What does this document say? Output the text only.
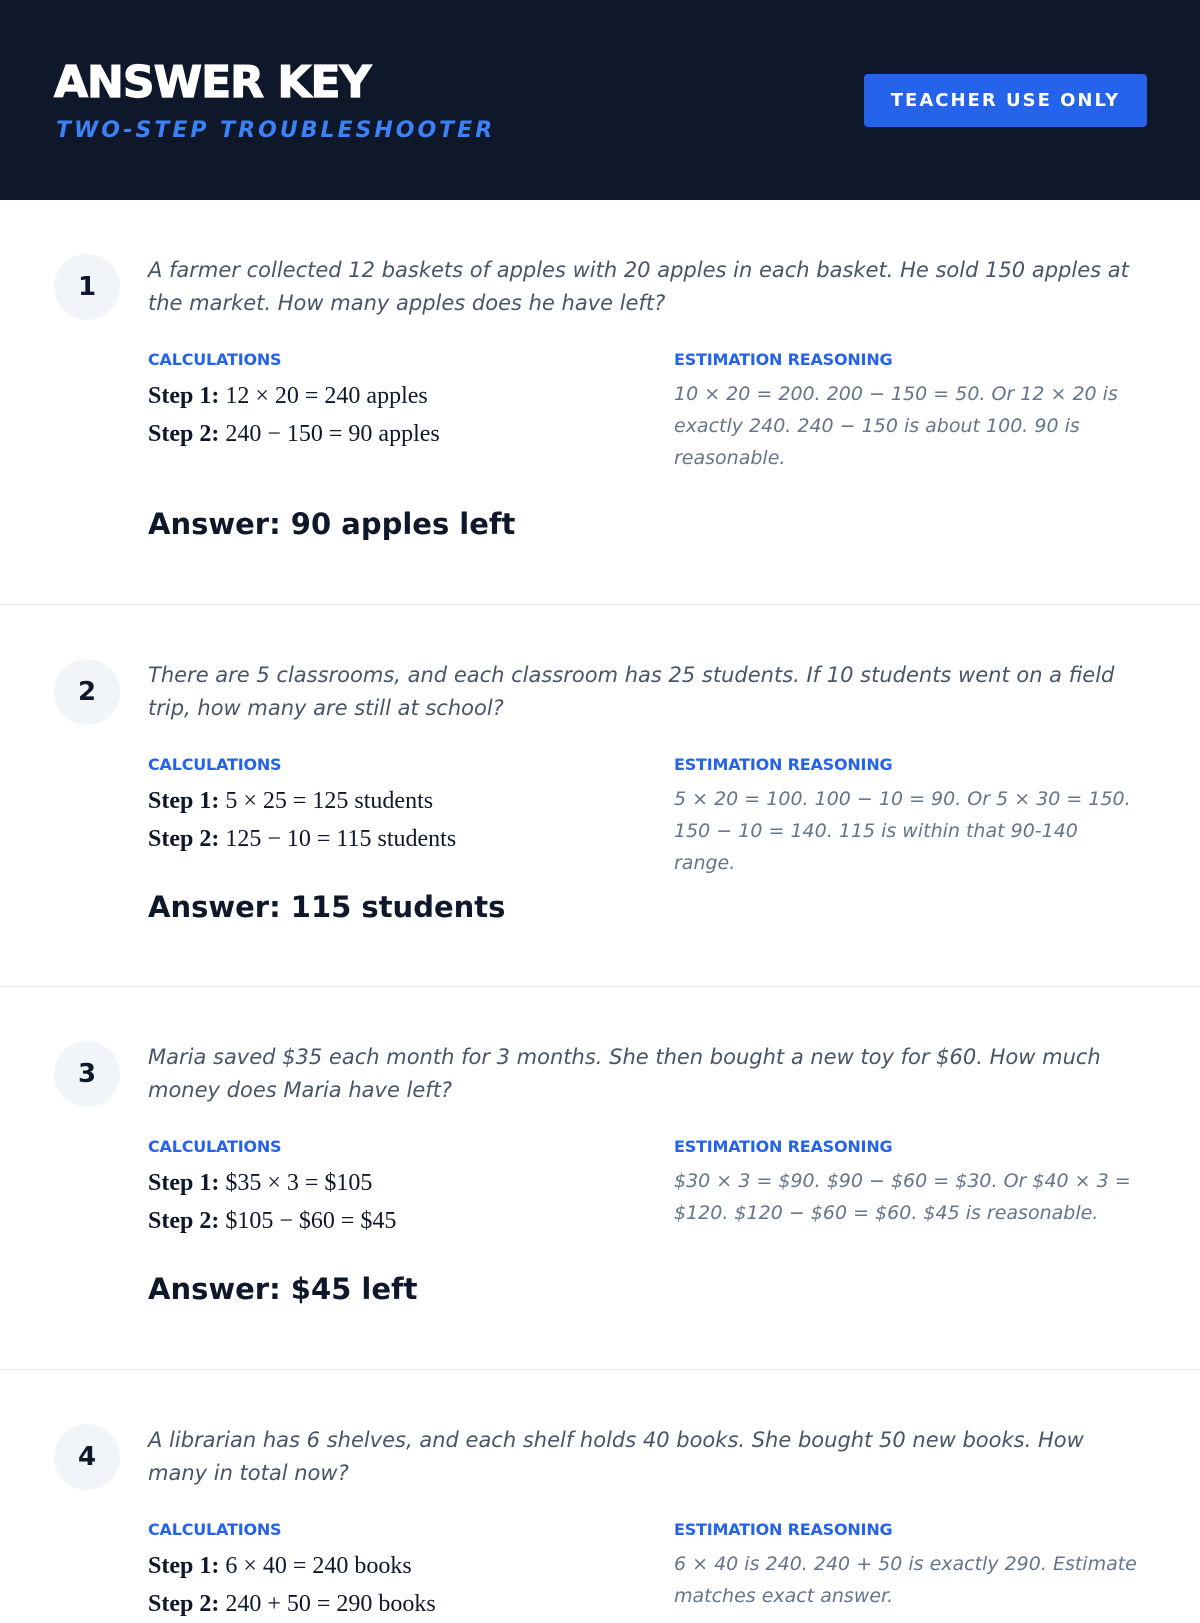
ANSWER KEY
TWO-STEP TROUBLESHOOTER
TEACHER USE ONLY
1
A farmer collected 12 baskets of apples with 20 apples in each basket. He sold 150 apples at the market. How many apples does he have left?
CALCULATIONS	ESTIMATION REASONING
Step 1: 12 × 20 = 240 apples
Step 2: 240 − 150 = 90 apples
10 × 20 = 200. 200 − 150 = 50. Or 12 × 20 is exactly 240. 240 − 150 is about 100. 90 is reasonable.
Answer: 90 apples left
2
There are 5 classrooms, and each classroom has 25 students. If 10 students went on a field trip, how many are still at school?
CALCULATIONS	ESTIMATION REASONING
Step 1: 5 × 25 = 125 students
Step 2: 125 − 10 = 115 students
5 × 20 = 100. 100 − 10 = 90. Or 5 × 30 = 150. 150 − 10 = 140. 115 is within that 90-140 range.
Answer: 115 students
3
Maria saved $35 each month for 3 months. She then bought a new toy for $60. How much money does Maria have left?
CALCULATIONS	ESTIMATION REASONING
Step 1: $35 × 3 = $105
Step 2: $105 − $60 = $45
$30 × 3 = $90. $90 − $60 = $30. Or $40 × 3 = $120. $120 − $60 = $60. $45 is reasonable.
Answer: $45 left
4
A librarian has 6 shelves, and each shelf holds 40 books. She bought 50 new books. How many in total now?
CALCULATIONS	ESTIMATION REASONING
Step 1: 6 × 40 = 240 books
Step 2: 240 + 50 = 290 books
6 × 40 is 240. 240 + 50 is exactly 290. Estimate matches exact answer.
